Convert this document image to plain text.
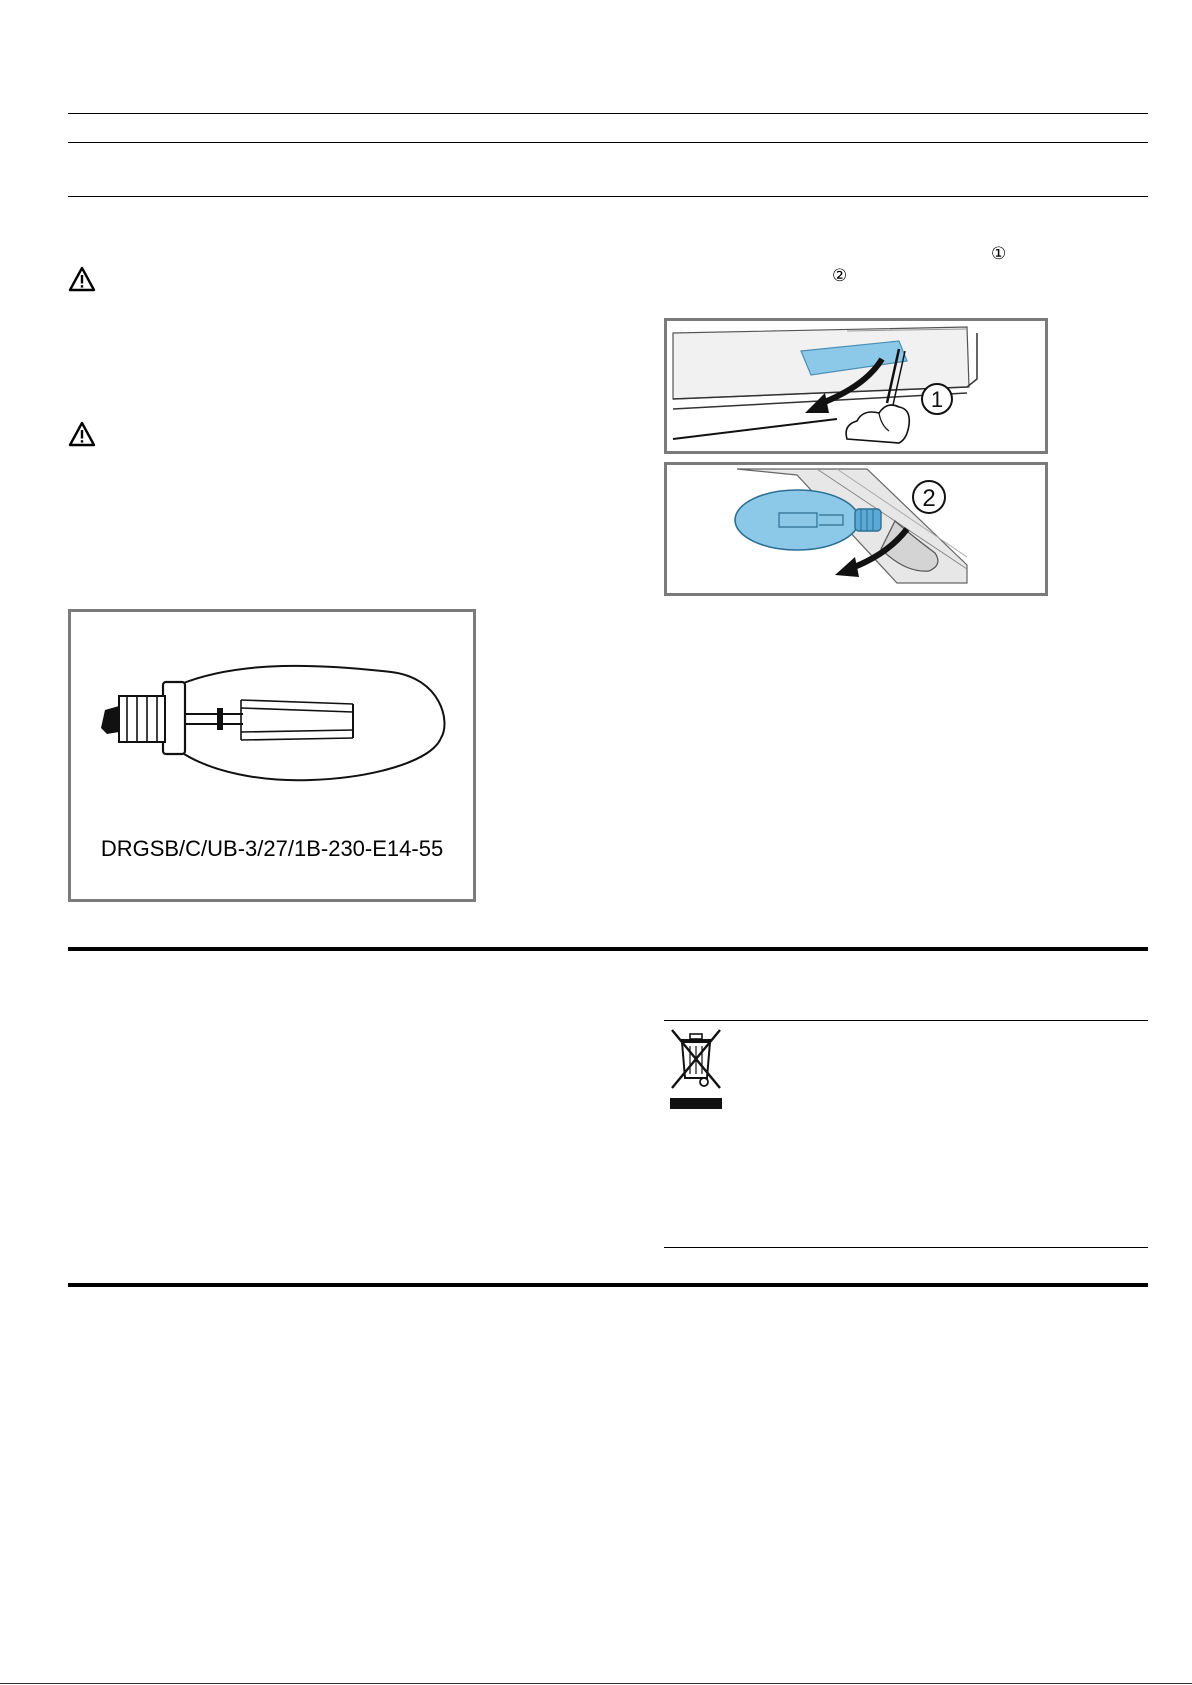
①
②
1
2
DRGSB/C/UB-3/27/1B-230-E14-55
